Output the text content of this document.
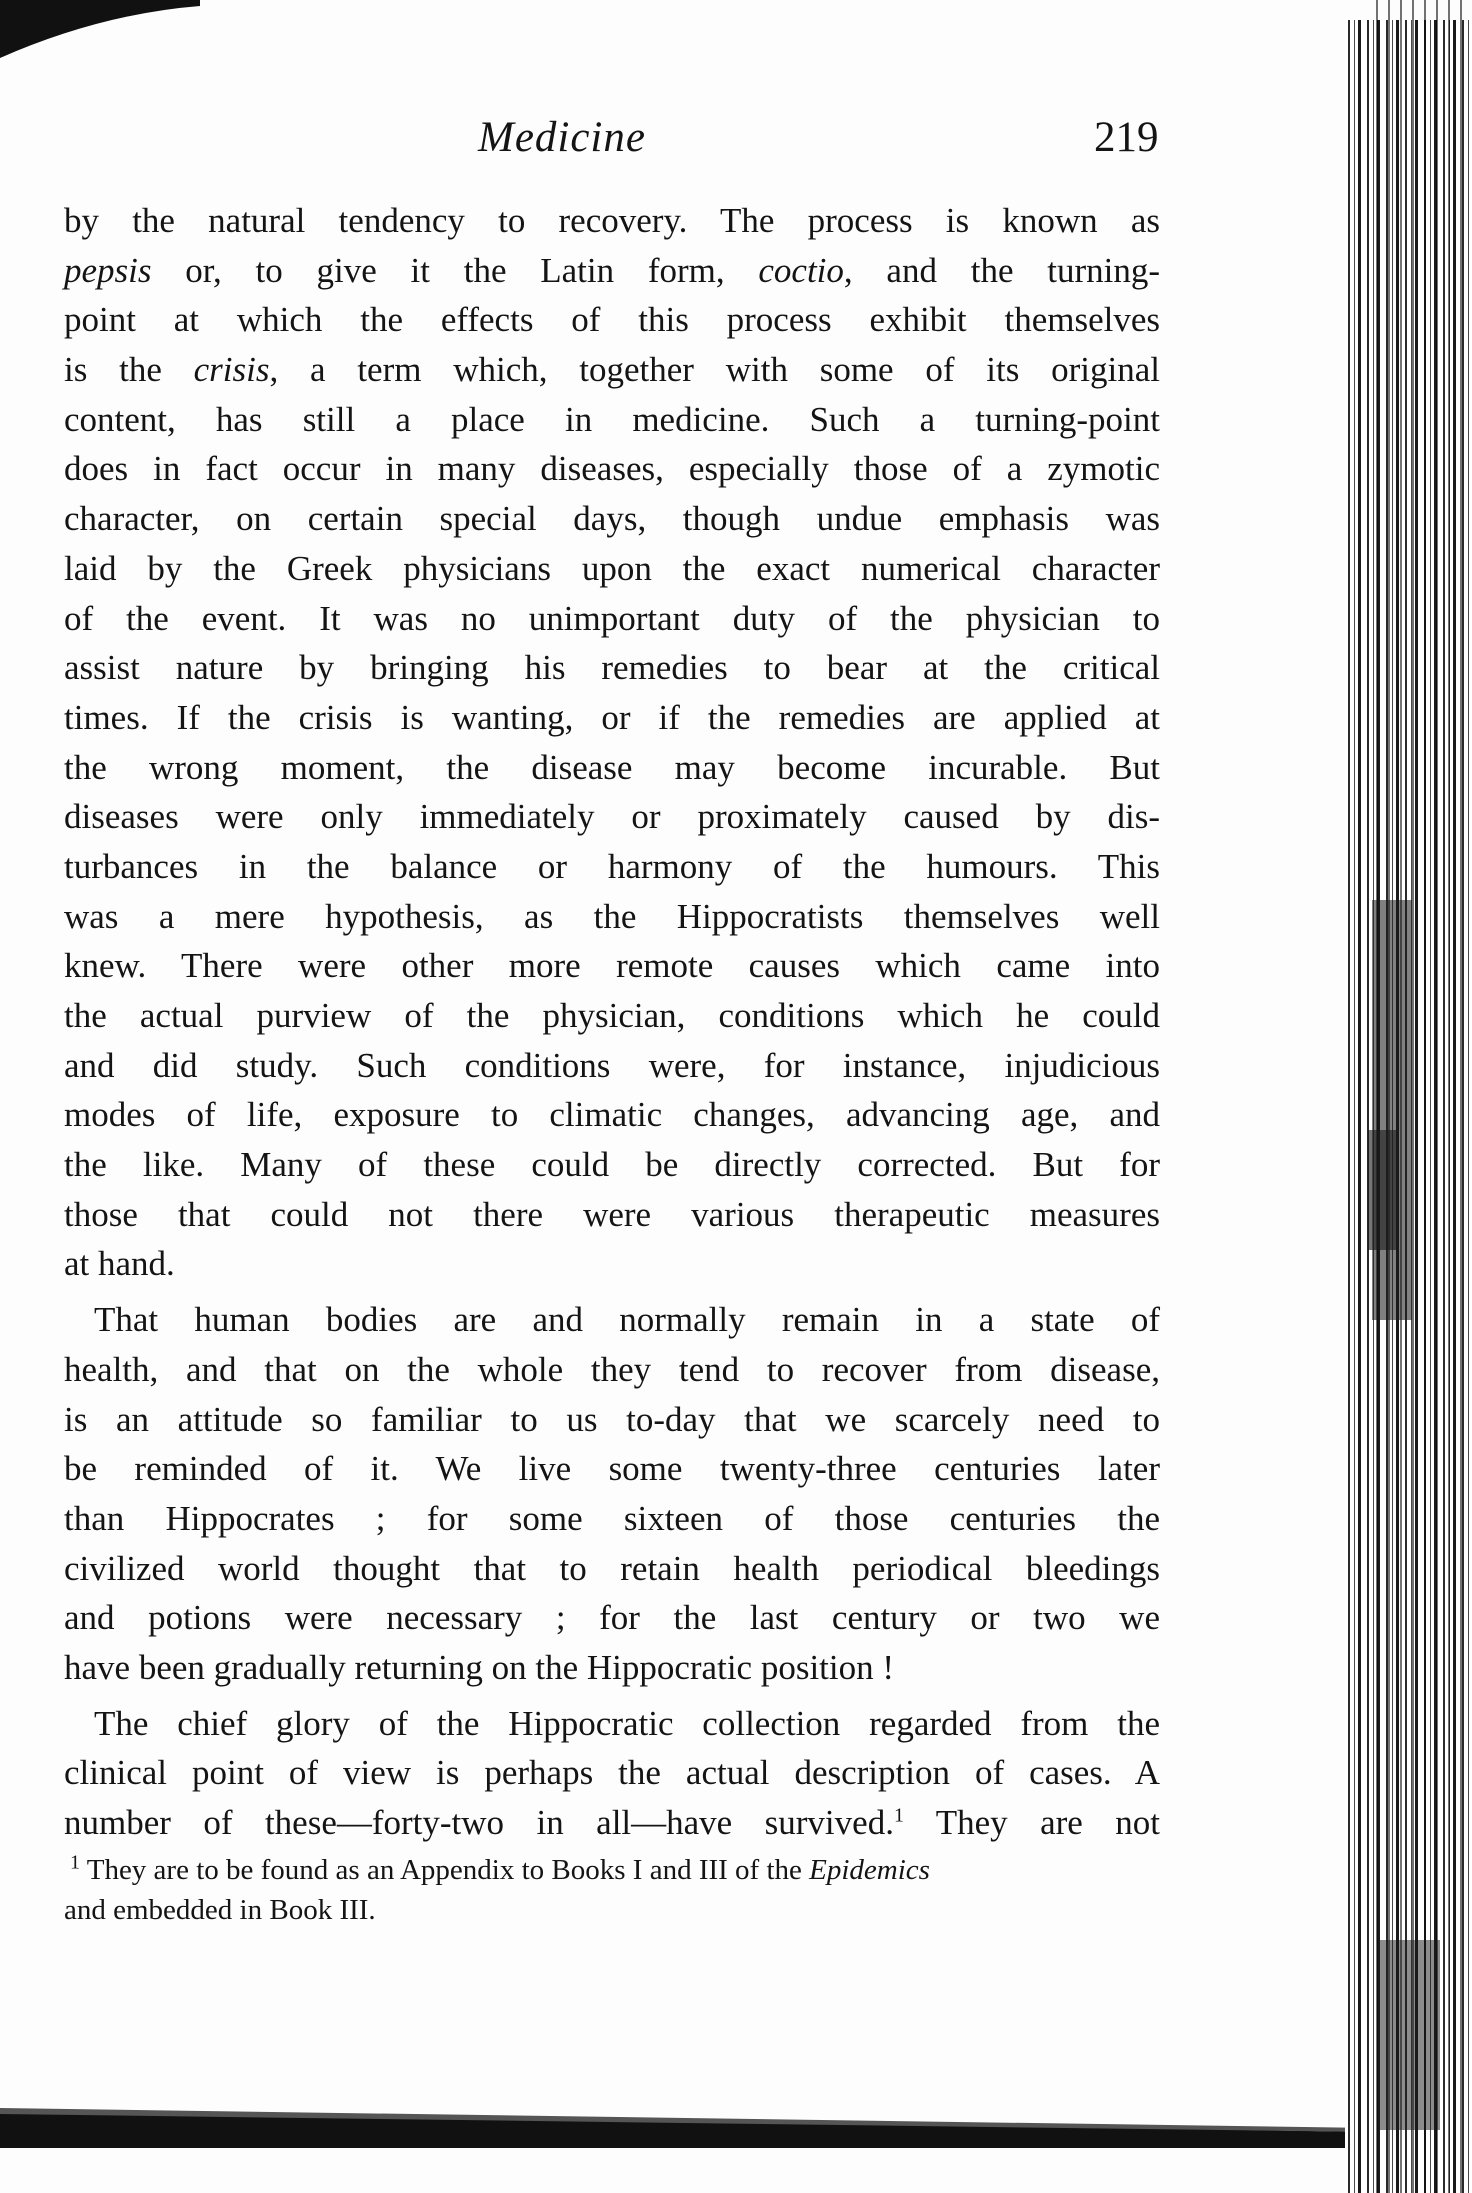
Medicine	219
by the natural tendency to recovery. The process is known as
pepsis or, to give it the Latin form, coctio, and the turning-
point at which the effects of this process exhibit themselves
is the crisis, a term which, together with some of its original
content, has still a place in medicine. Such a turning-point
does in fact occur in many diseases, especially those of a zymotic
character, on certain special days, though undue emphasis was
laid by the Greek physicians upon the exact numerical character
of the event. It was no unimportant duty of the physician to
assist nature by bringing his remedies to bear at the critical
times. If the crisis is wanting, or if the remedies are applied at
the wrong moment, the disease may become incurable. But
diseases were only immediately or proximately caused by dis-
turbances in the balance or harmony of the humours. This
was a mere hypothesis, as the Hippocratists themselves well
knew. There were other more remote causes which came into
the actual purview of the physician, conditions which he could
and did study. Such conditions were, for instance, injudicious
modes of life, exposure to climatic changes, advancing age, and
the like. Many of these could be directly corrected. But for
those that could not there were various therapeutic measures
at hand.
That human bodies are and normally remain in a state of
health, and that on the whole they tend to recover from disease,
is an attitude so familiar to us to-day that we scarcely need to
be reminded of it. We live some twenty-three centuries later
than Hippocrates ; for some sixteen of those centuries the
civilized world thought that to retain health periodical bleedings
and potions were necessary ; for the last century or two we
have been gradually returning on the Hippocratic position !
The chief glory of the Hippocratic collection regarded from the
clinical point of view is perhaps the actual description of cases. A
number of these—forty-two in all—have survived.$^1$ They are not
$^1$ They are to be found as an Appendix to Books I and III of the Epidemics
and embedded in Book III.
